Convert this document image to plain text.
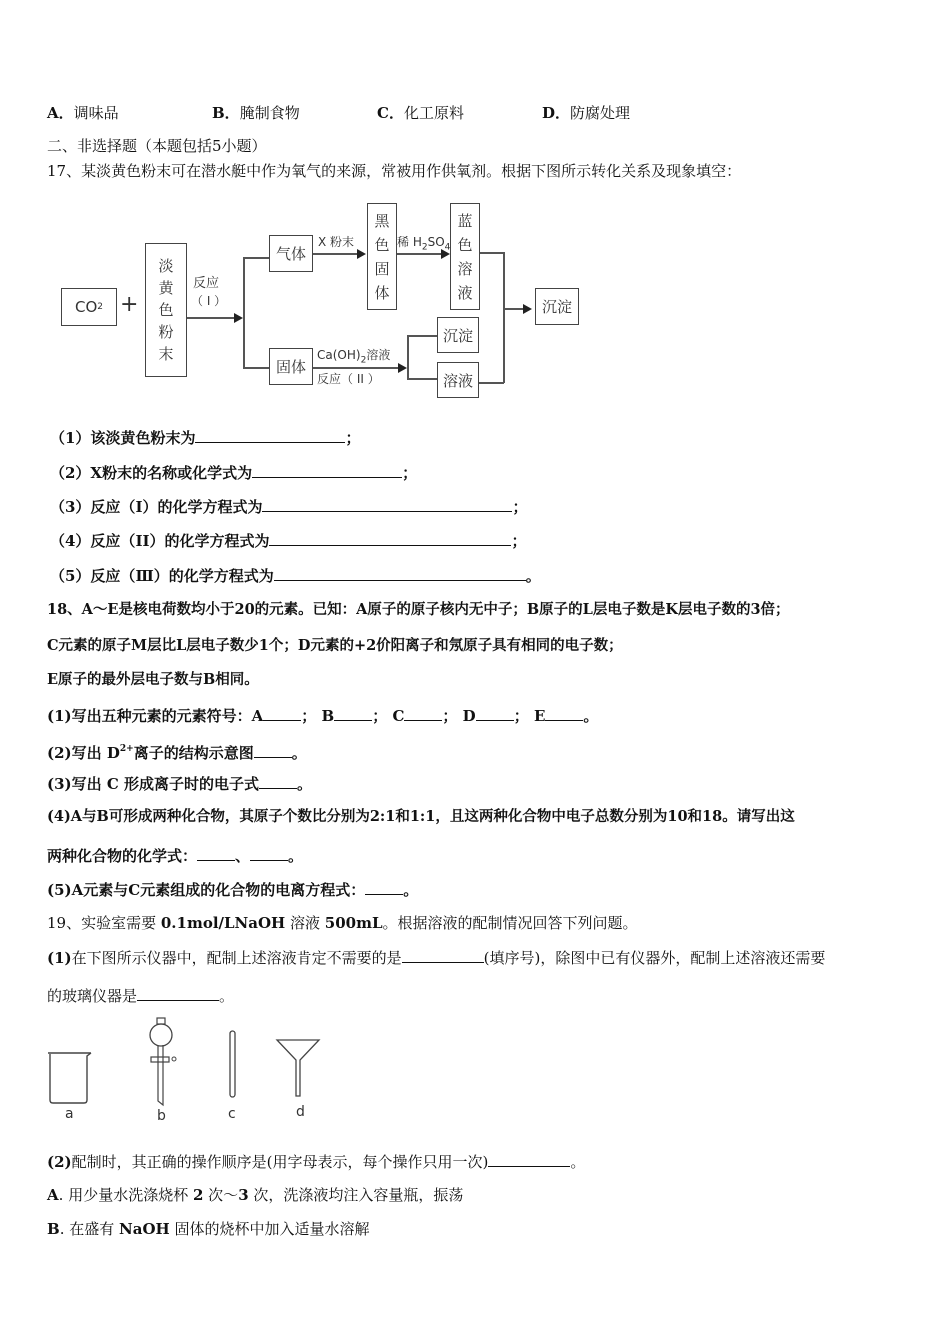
A．调味品	B．腌制食物	C．化工原料	D．防腐处理
二、非选择题（本题包括5小题）
17、某淡黄色粉末可在潜水艇中作为氧气的来源，常被用作供氧剂。根据下图所示转化关系及现象填空：
CO 2 +
淡
黄
色
粉
末
反应
（ I ）
气体
固体
X 粉末
黑
色
固
体
稀 $H_2SO_4$
蓝
色
溶
液
$Ca(OH)_2$溶液
反应（ II ）
沉淀
溶液
沉淀
（1）该淡黄色粉末为	；
（2）X粉末的名称或化学式为	；
（3）反应（I）的化学方程式为	；
（4）反应（II）的化学方程式为	；
（5）反应（Ⅲ）的化学方程式为	。
18、A～E是核电荷数均小于20的元素。已知：A原子的原子核内无中子；B原子的L层电子数是K层电子数的3倍；
C元素的原子M层比L层电子数少1个；D元素的+2价阳离子和氖原子具有相同的电子数；
E原子的最外层电子数与B相同。
(1)写出五种元素的元素符号：A	； B	； C	； D	； E	。
(2)写出 $D^{2+}$离子的结构示意图	。
(3)写出 C 形成离子时的电子式	。
(4)A与B可形成两种化合物，其原子个数比分别为2:1和1:1，且这两种化合物中电子总数分别为10和18。请写出这
两种化合物的化学式：	、	。
(5)A元素与C元素组成的化合物的电离方程式：	。
19、实验室需要 0.1mol/LNaOH 溶液 500mL。根据溶液的配制情况回答下列问题。
(1)在下图所示仪器中，配制上述溶液肯定不需要的是	(填序号)，除图中已有仪器外，配制上述溶液还需要
的玻璃仪器是	。
a	b	c	d
(2)配制时，其正确的操作顺序是(用字母表示，每个操作只用一次)	。
A. 用少量水洗涤烧杯 2 次～3 次，洗涤液均注入容量瓶，振荡
B. 在盛有 NaOH 固体的烧杯中加入适量水溶解
